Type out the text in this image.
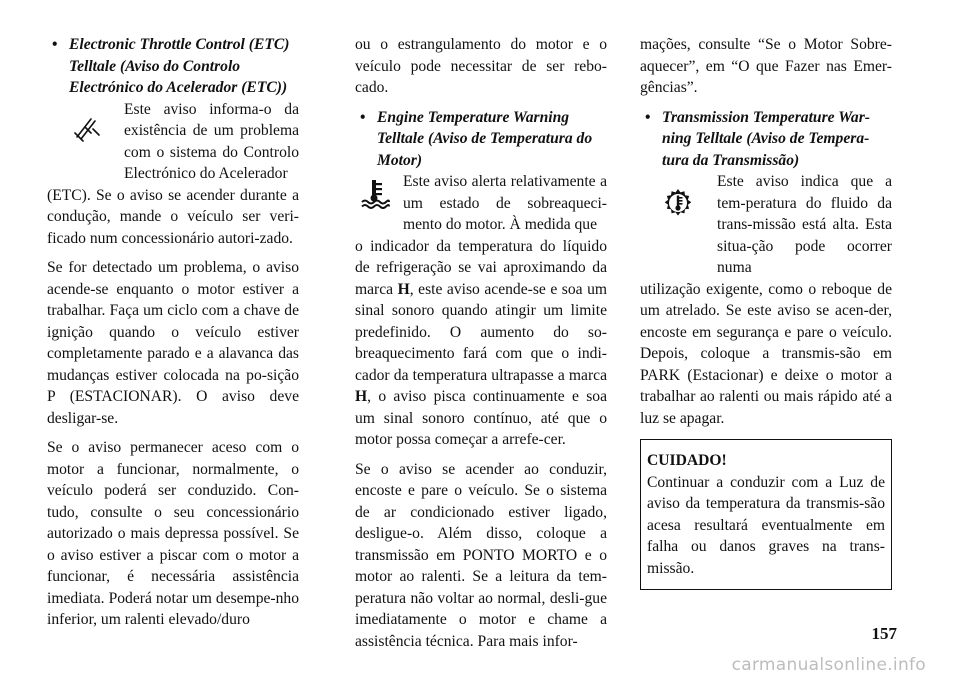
• Electronic Throttle Control (ETC) Telltale (Aviso do Controlo Electrónico do Acelerador (ETC))

Este aviso informa-o da existência de um problema com o sistema do Controlo Electrónico do Acelerador

(ETC). Se o aviso se acender durante a condução, mande o veículo ser veri-ficado num concessionário autori-zado.

Se for detectado um problema, o aviso acende-se enquanto o motor estiver a trabalhar. Faça um ciclo com a chave de ignição quando o veículo estiver completamente parado e a alavanca das mudanças estiver colocada na po-sição P (ESTACIONAR). O aviso deve desligar-se.

Se o aviso permanecer aceso com o motor a funcionar, normalmente, o veículo poderá ser conduzido. Con-tudo, consulte o seu concessionário autorizado o mais depressa possível. Se o aviso estiver a piscar com o motor a funcionar, é necessária assistência imediata. Poderá notar um desempe-nho inferior, um ralenti elevado/duro

ou o estrangulamento do motor e o veículo pode necessitar de ser rebo-cado.

• Engine Temperature Warning Telltale (Aviso de Temperatura do Motor)

Este aviso alerta relativamente a um estado de sobreaqueci-mento do motor. À medida que

o indicador da temperatura do líquido de refrigeração se vai aproximando da marca H, este aviso acende-se e soa um sinal sonoro quando atingir um limite predefinido. O aumento do so-breaquecimento fará com que o indi-cador da temperatura ultrapasse a marca H, o aviso pisca continuamente e soa um sinal sonoro contínuo, até que o motor possa começar a arrefe-cer.

Se o aviso se acender ao conduzir, encoste e pare o veículo. Se o sistema de ar condicionado estiver ligado, desligue-o. Além disso, coloque a transmissão em PONTO MORTO e o motor ao ralenti. Se a leitura da tem-peratura não voltar ao normal, desli-gue imediatamente o motor e chame a assistência técnica. Para mais infor-

mações, consulte “Se o Motor Sobre-aquecer”, em “O que Fazer nas Emer-gências”.

• Transmission Temperature War-ning Telltale (Aviso de Tempera-tura da Transmissão)

Este aviso indica que a tem-peratura do fluido da trans-missão está alta. Esta situa-ção pode ocorrer numa

utilização exigente, como o reboque de um atrelado. Se este aviso se acen-der, encoste em segurança e pare o veículo. Depois, coloque a transmis-são em PARK (Estacionar) e deixe o motor a trabalhar ao ralenti ou mais rápido até a luz se apagar.

CUIDADO!
Continuar a conduzir com a Luz de aviso da temperatura da transmis-são acesa resultará eventualmente em falha ou danos graves na trans-missão.
157
carmanualsonline.info
